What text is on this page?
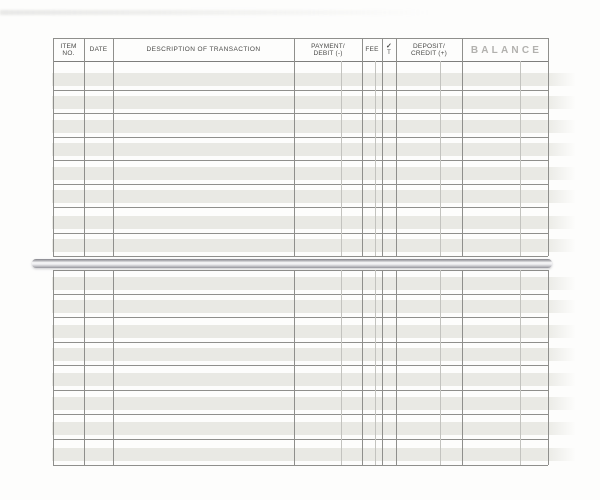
ITEM
NO.
DATE	DESCRIPTION OF TRANSACTION
PAYMENT/
DEBIT (-)
FEE ✓
T
DEPOSIT/
CREDIT (+) BALANCE
